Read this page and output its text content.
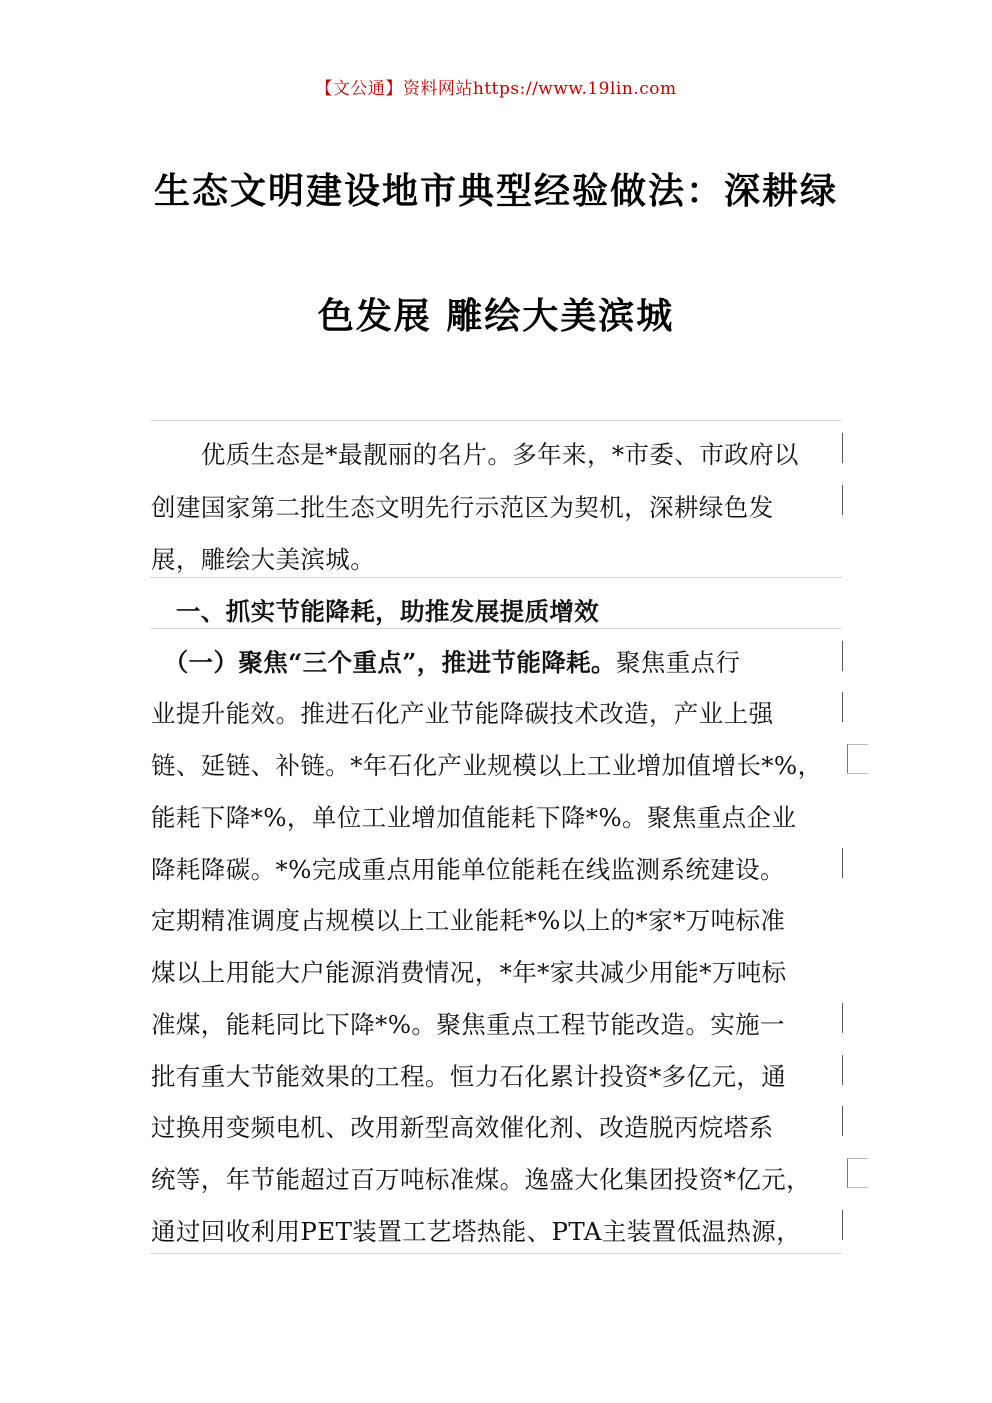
【文公通】资料网站https://www.19lin.com
生态文明建设地市典型经验做法：深耕绿
色发展 雕绘大美滨城
　　优质生态是*最靓丽的名片。多年来，*市委、市政府以
创建国家第二批生态文明先行示范区为契机，深耕绿色发
展，雕绘大美滨城。
　一、抓实节能降耗，助推发展提质增效
　（一）聚焦“三个重点”，推进节能降耗。聚焦重点行
业提升能效。推进石化产业节能降碳技术改造，产业上强
链、延链、补链。*年石化产业规模以上工业增加值增长*%，
能耗下降*%，单位工业增加值能耗下降*%。聚焦重点企业
降耗降碳。*%完成重点用能单位能耗在线监测系统建设。
定期精准调度占规模以上工业能耗*%以上的*家*万吨标准
煤以上用能大户能源消费情况，*年*家共减少用能*万吨标
准煤，能耗同比下降*%。聚焦重点工程节能改造。实施一
批有重大节能效果的工程。恒力石化累计投资*多亿元，通
过换用变频电机、改用新型高效催化剂、改造脱丙烷塔系
统等，年节能超过百万吨标准煤。逸盛大化集团投资*亿元，
通过回收利用PET装置工艺塔热能、PTA主装置低温热源，
